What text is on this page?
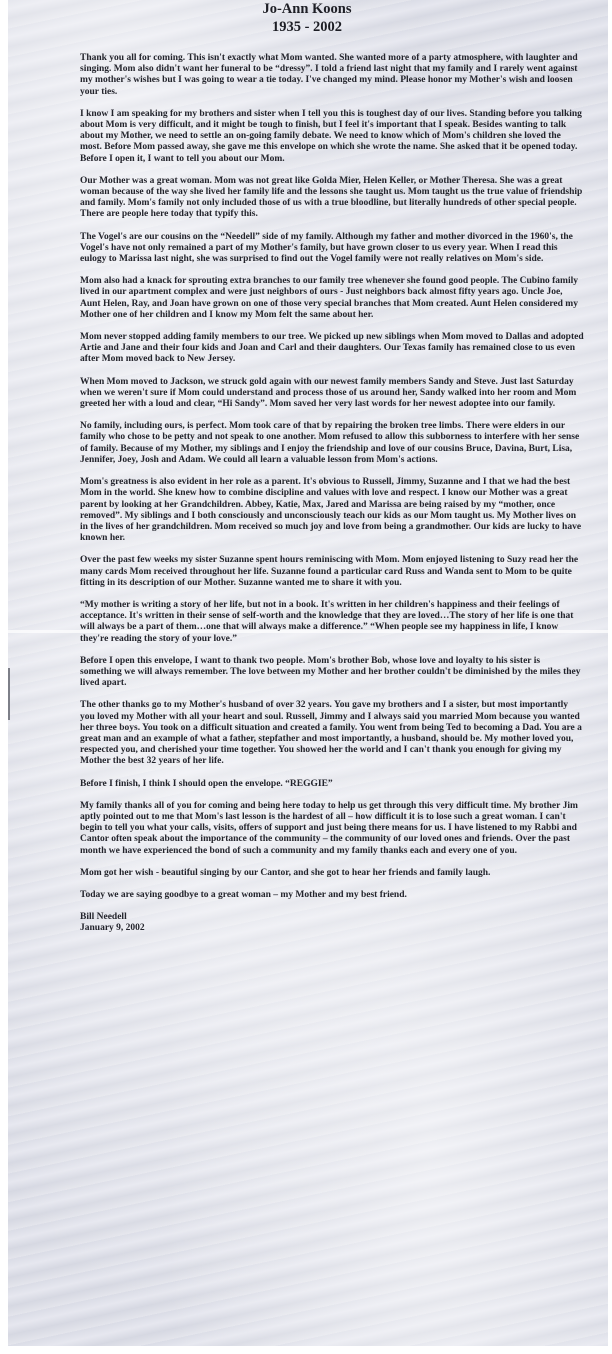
Jo-Ann Koons
1935 - 2002

Thank you all for coming. This isn't exactly what Mom wanted. She wanted more of a party atmosphere, with laughter and singing. Mom also didn't want her funeral to be “dressy”. I told a friend last night that my family and I rarely went against my mother's wishes but I was going to wear a tie today. I've changed my mind. Please honor my Mother's wish and loosen your ties.

I know I am speaking for my brothers and sister when I tell you this is toughest day of our lives. Standing before you talking about Mom is very difficult, and it might be tough to finish, but I feel it's important that I speak. Besides wanting to talk about my Mother, we need to settle an on-going family debate. We need to know which of Mom's children she loved the most. Before Mom passed away, she gave me this envelope on which she wrote the name. She asked that it be opened today. Before I open it, I want to tell you about our Mom.

Our Mother was a great woman. Mom was not great like Golda Mier, Helen Keller, or Mother Theresa. She was a great woman because of the way she lived her family life and the lessons she taught us. Mom taught us the true value of friendship and family. Mom's family not only included those of us with a true bloodline, but literally hundreds of other special people. There are people here today that typify this.

The Vogel's are our cousins on the “Needell” side of my family. Although my father and mother divorced in the 1960's, the Vogel's have not only remained a part of my Mother's family, but have grown closer to us every year. When I read this eulogy to Marissa last night, she was surprised to find out the Vogel family were not really relatives on Mom's side.

Mom also had a knack for sprouting extra branches to our family tree whenever she found good people. The Cubino family lived in our apartment complex and were just neighbors of ours - Just neighbors back almost fifty years ago. Uncle Joe, Aunt Helen, Ray, and Joan have grown on one of those very special branches that Mom created. Aunt Helen considered my Mother one of her children and I know my Mom felt the same about her.

Mom never stopped adding family members to our tree. We picked up new siblings when Mom moved to Dallas and adopted Artie and Jane and their four kids and Joan and Carl and their daughters. Our Texas family has remained close to us even after Mom moved back to New Jersey.

When Mom moved to Jackson, we struck gold again with our newest family members Sandy and Steve. Just last Saturday when we weren't sure if Mom could understand and process those of us around her, Sandy walked into her room and Mom greeted her with a loud and clear, “Hi Sandy”. Mom saved her very last words for her newest adoptee into our family.

No family, including ours, is perfect. Mom took care of that by repairing the broken tree limbs. There were elders in our family who chose to be petty and not speak to one another. Mom refused to allow this subborness to interfere with her sense of family. Because of my Mother, my siblings and I enjoy the friendship and love of our cousins Bruce, Davina, Burt, Lisa, Jennifer, Joey, Josh and Adam. We could all learn a valuable lesson from Mom's actions.

Mom's greatness is also evident in her role as a parent. It's obvious to Russell, Jimmy, Suzanne and I that we had the best Mom in the world. She knew how to combine discipline and values with love and respect. I know our Mother was a great parent by looking at her Grandchildren. Abbey, Katie, Max, Jared and Marissa are being raised by my “mother, once removed”. My siblings and I both consciously and unconsciously teach our kids as our Mom taught us. My Mother lives on in the lives of her grandchildren. Mom received so much joy and love from being a grandmother. Our kids are lucky to have known her.

Over the past few weeks my sister Suzanne spent hours reminiscing with Mom. Mom enjoyed listening to Suzy read her the many cards Mom received throughout her life. Suzanne found a particular card Russ and Wanda sent to Mom to be quite fitting in its description of our Mother. Suzanne wanted me to share it with you.

“My mother is writing a story of her life, but not in a book. It's written in her children's happiness and their feelings of acceptance. It's written in their sense of self-worth and the knowledge that they are loved…The story of her life is one that will always be a part of them…one that will always make a difference.” “When people see my happiness in life, I know they're reading the story of your love.”

Before I open this envelope, I want to thank two people. Mom's brother Bob, whose love and loyalty to his sister is something we will always remember. The love between my Mother and her brother couldn't be diminished by the miles they lived apart.

The other thanks go to my Mother's husband of over 32 years. You gave my brothers and I a sister, but most importantly you loved my Mother with all your heart and soul. Russell, Jimmy and I always said you married Mom because you wanted her three boys. You took on a difficult situation and created a family. You went from being Ted to becoming a Dad. You are a great man and an example of what a father, stepfather and most importantly, a husband, should be. My mother loved you, respected you, and cherished your time together. You showed her the world and I can't thank you enough for giving my Mother the best 32 years of her life.

Before I finish, I think I should open the envelope. “REGGIE”

My family thanks all of you for coming and being here today to help us get through this very difficult time. My brother Jim aptly pointed out to me that Mom's last lesson is the hardest of all – how difficult it is to lose such a great woman. I can't begin to tell you what your calls, visits, offers of support and just being there means for us. I have listened to my Rabbi and Cantor often speak about the importance of the community – the community of our loved ones and friends. Over the past month we have experienced the bond of such a community and my family thanks each and every one of you.

Mom got her wish - beautiful singing by our Cantor, and she got to hear her friends and family laugh.

Today we are saying goodbye to a great woman – my Mother and my best friend.

Bill Needell

January 9, 2002
